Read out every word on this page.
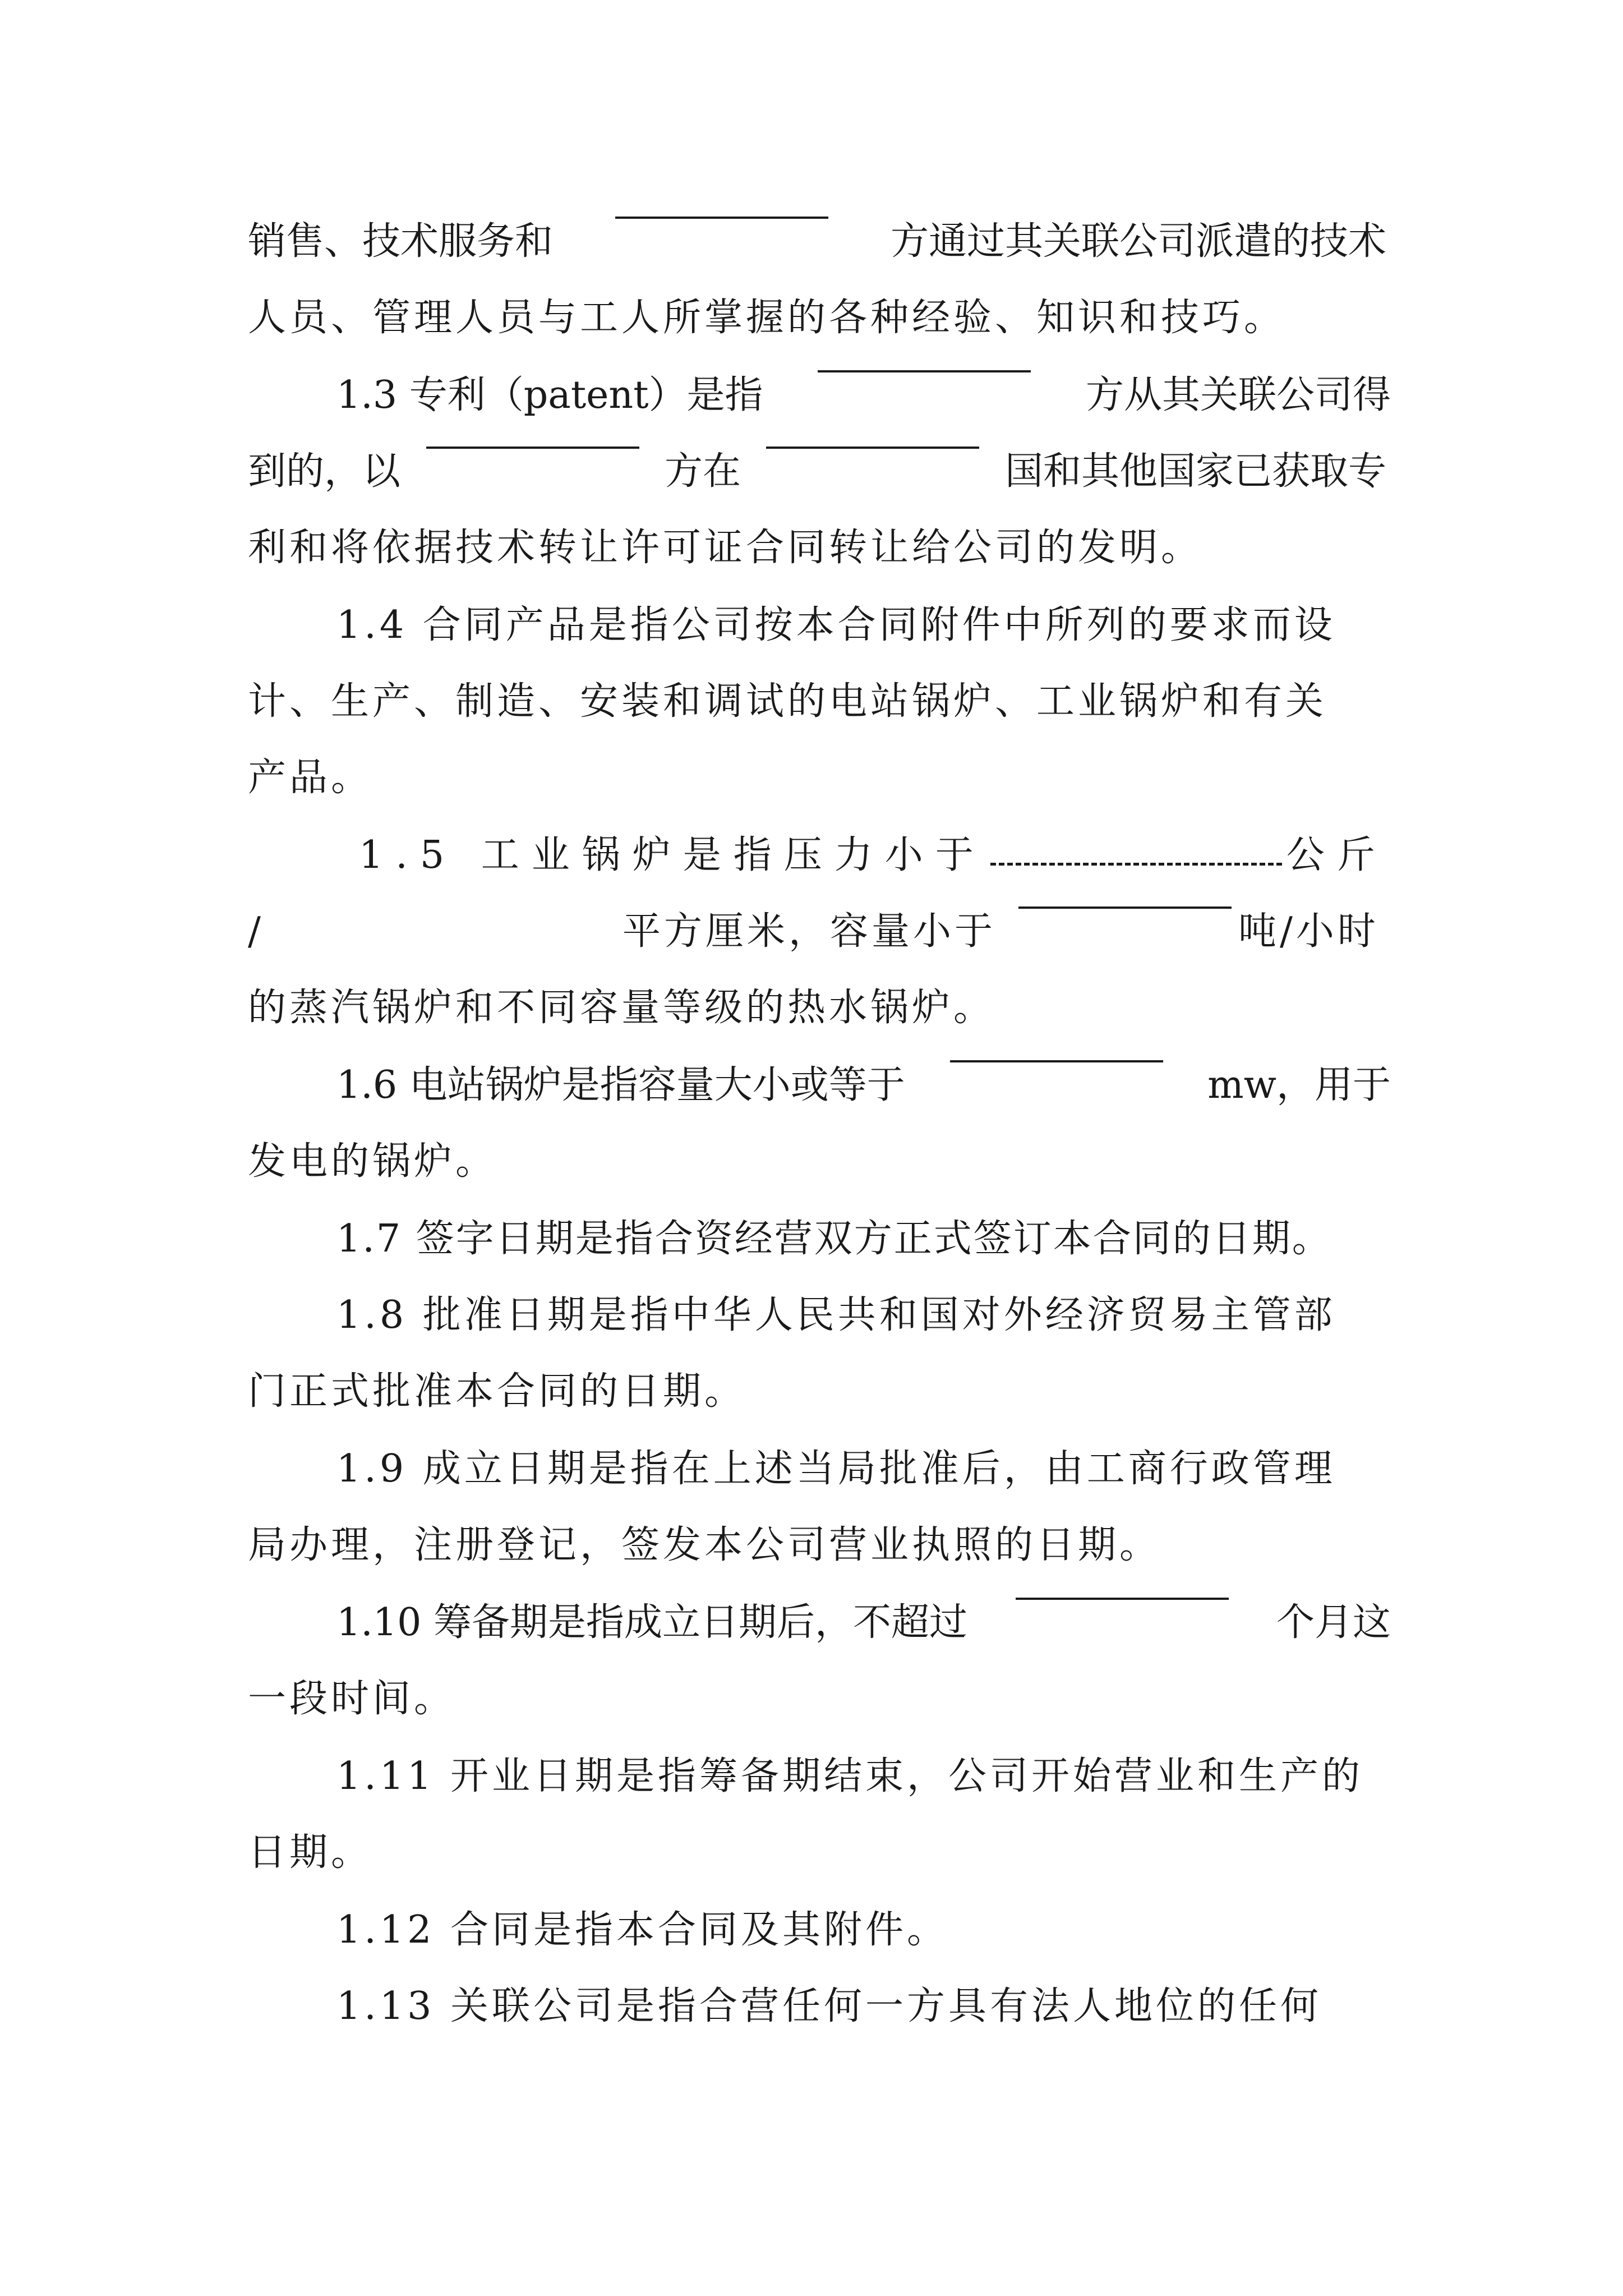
销售、技术服务和	方通过其关联公司派遣的技术
人员、管理人员与工人所掌握的各种经验、知识和技巧。
1.3 专利（patent）是指	方从其关联公司得
到的，以	方在	国和其他国家已获取专
利和将依据技术转让许可证合同转让给公司的发明。
1.4 合同产品是指公司按本合同附件中所列的要求而设
计、生产、制造、安装和调试的电站锅炉、工业锅炉和有关
产品。
1.5 工业锅炉是指压力小于	公斤
/	平方厘米，容量小于	吨/小时
的蒸汽锅炉和不同容量等级的热水锅炉。
1.6 电站锅炉是指容量大小或等于	mw，用于
发电的锅炉。
1.7 签字日期是指合资经营双方正式签订本合同的日期。
1.8 批准日期是指中华人民共和国对外经济贸易主管部
门正式批准本合同的日期。
1.9 成立日期是指在上述当局批准后，由工商行政管理
局办理，注册登记，签发本公司营业执照的日期。
1.10 筹备期是指成立日期后，不超过	个月这
一段时间。
1.11 开业日期是指筹备期结束，公司开始营业和生产的
日期。
1.12 合同是指本合同及其附件。
1.13 关联公司是指合营任何一方具有法人地位的任何
